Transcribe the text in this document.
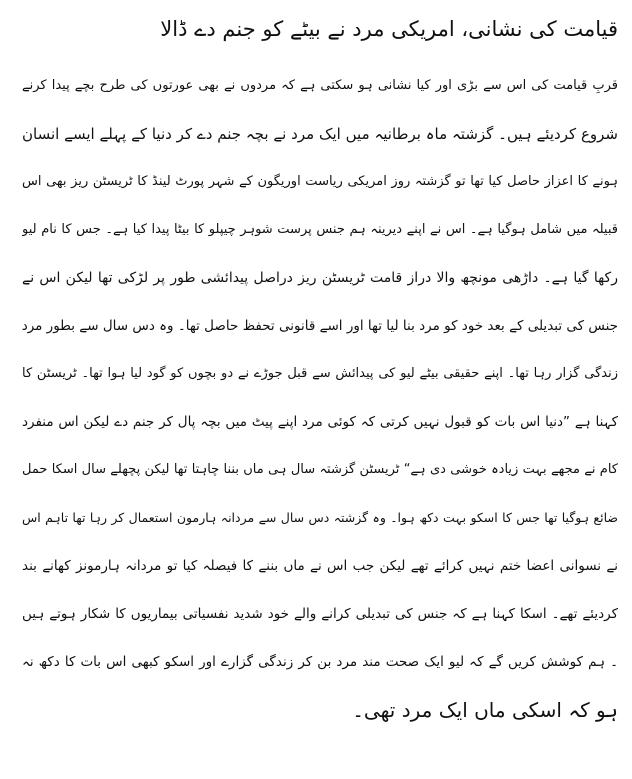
قیامت کی نشانی، امریکی مرد نے بیٹے کو جنم دے ڈالا
قربِ قیامت کی اس سے بڑی اور کیا نشانی ہو سکتی ہے کہ مردوں نے بھی عورتوں کی طرح بچے پیدا کرنے
شروع کردیئے ہیں۔ گزشتہ ماہ برطانیہ میں ایک مرد نے بچہ جنم دے کر دنیا کے پہلے ایسے انسان
ہونے کا اعزاز حاصل کیا تھا تو گزشتہ روز امریکی ریاست اوریگون کے شہر پورٹ لینڈ کا ٹریسٹن ریز بھی اس
قبیلہ میں شامل ہوگیا ہے۔ اس نے اپنے دیرینہ ہم جنس پرست شوہر چیپلو کا بیٹا پیدا کیا ہے۔ جس کا نام لیو
رکھا گیا ہے۔ داڑھی مونچھ والا دراز قامت ٹریسٹن ریز دراصل پیدائشی طور پر لڑکی تھا لیکن اس نے
جنس کی تبدیلی کے بعد خود کو مرد بنا لیا تھا اور اسے قانونی تحفظ حاصل تھا۔ وہ دس سال سے بطور مرد
زندگی گزار رہا تھا۔ اپنے حقیقی بیٹے لیو کی پیدائش سے قبل جوڑے نے دو بچوں کو گود لیا ہوا تھا۔ ٹریسٹن کا
کہنا ہے ”دنیا اس بات کو قبول نہیں کرتی کہ کوئی مرد اپنے پیٹ میں بچہ پال کر جنم دے لیکن اس منفرد
کام نے مجھے بہت زیادہ خوشی دی ہے“ ٹریسٹن گزشتہ سال ہی ماں بننا چاہتا تھا لیکن پچھلے سال اسکا حمل
ضائع ہوگیا تھا جس کا اسکو بہت دکھ ہوا۔ وہ گزشتہ دس سال سے مردانہ ہارمون استعمال کر رہا تھا تاہم اس
نے نسوانی اعضا ختم نہیں کرائے تھے لیکن جب اس نے ماں بننے کا فیصلہ کیا تو مردانہ ہارمونز کھانے بند
کردیئے تھے۔ اسکا کہنا ہے کہ جنس کی تبدیلی کرانے والے خود شدید نفسیاتی بیماریوں کا شکار ہوتے ہیں
۔ ہم کوشش کریں گے کہ لیو ایک صحت مند مرد بن کر زندگی گزارے اور اسکو کبھی اس بات کا دکھ نہ
ہو کہ اسکی ماں ایک مرد تھی۔
